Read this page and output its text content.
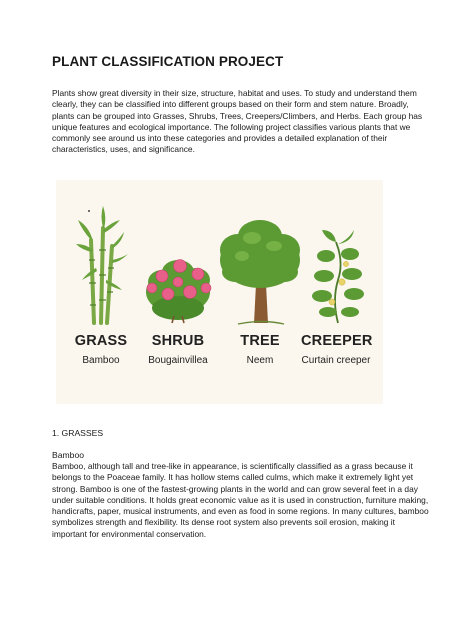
PLANT CLASSIFICATION PROJECT

Plants show great diversity in their size, structure, habitat and uses. To study and understand them clearly, they can be classified into different groups based on their form and stem nature. Broadly, plants can be grouped into Grasses, Shrubs, Trees, Creepers/Climbers, and Herbs. Each group has unique features and ecological importance. The following project classifies various plants that we commonly see around us into these categories and provides a detailed explanation of their characteristics, uses, and significance.

GRASS
Bamboo
SHRUB
Bougainvillea
TREE
Neem
CREEPER
Curtain creeper
1. GRASSES
Bamboo

Bamboo, although tall and tree-like in appearance, is scientifically classified as a grass because it belongs to the Poaceae family. It has hollow stems called culms, which make it extremely light yet strong. Bamboo is one of the fastest-growing plants in the world and can grow several feet in a day under suitable conditions. It holds great economic value as it is used in construction, furniture making, handicrafts, paper, musical instruments, and even as food in some regions. In many cultures, bamboo symbolizes strength and flexibility. Its dense root system also prevents soil erosion, making it important for environmental conservation.
